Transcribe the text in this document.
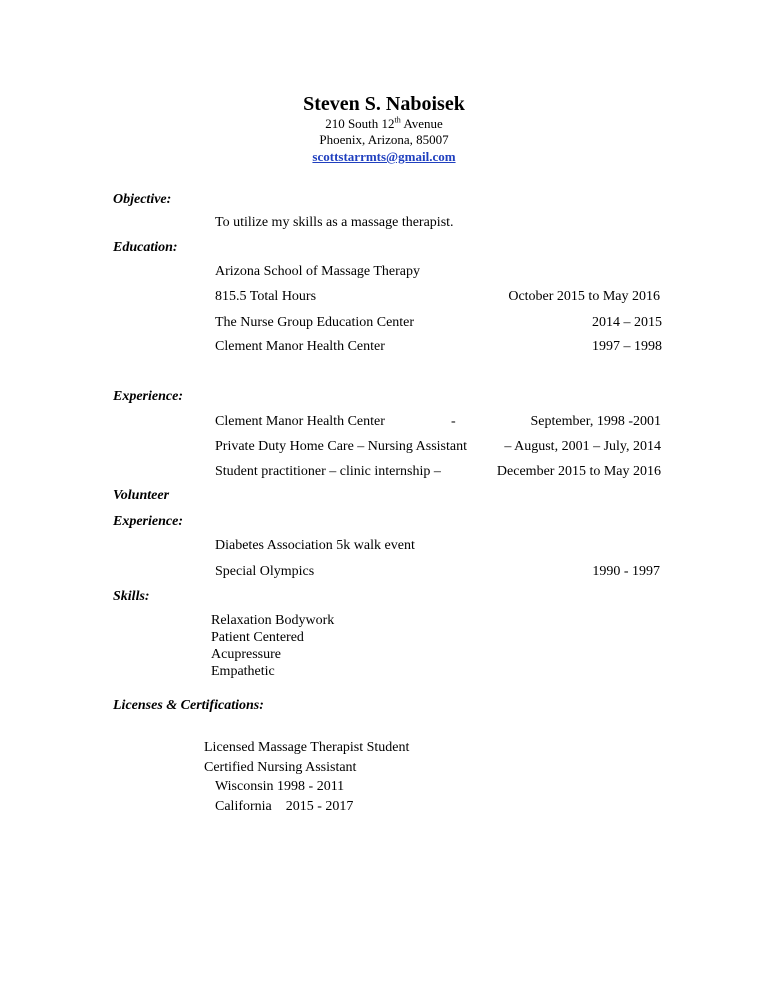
Steven S. Naboisek
210 South 12th Avenue
Phoenix, Arizona, 85007
scottstarrmts@gmail.com
Objective:
To utilize my skills as a massage therapist.
Education:
Arizona School of Massage Therapy
815.5 Total Hours	October 2015 to May 2016
The Nurse Group Education Center	2014 – 2015
Clement Manor Health Center	1997 – 1998
Experience:
Clement Manor Health Center	-	September, 1998 -2001
Private Duty Home Care – Nursing Assistant	– August, 2001 – July, 2014
Student practitioner – clinic internship –	December 2015 to May 2016
Volunteer
Experience:
Diabetes Association 5k walk event
Special Olympics	1990 - 1997
Skills:
Relaxation Bodywork
Patient Centered
Acupressure
Empathetic
Licenses & Certifications:
Licensed Massage Therapist Student
Certified Nursing Assistant
Wisconsin 1998 - 2011
California    2015 - 2017
